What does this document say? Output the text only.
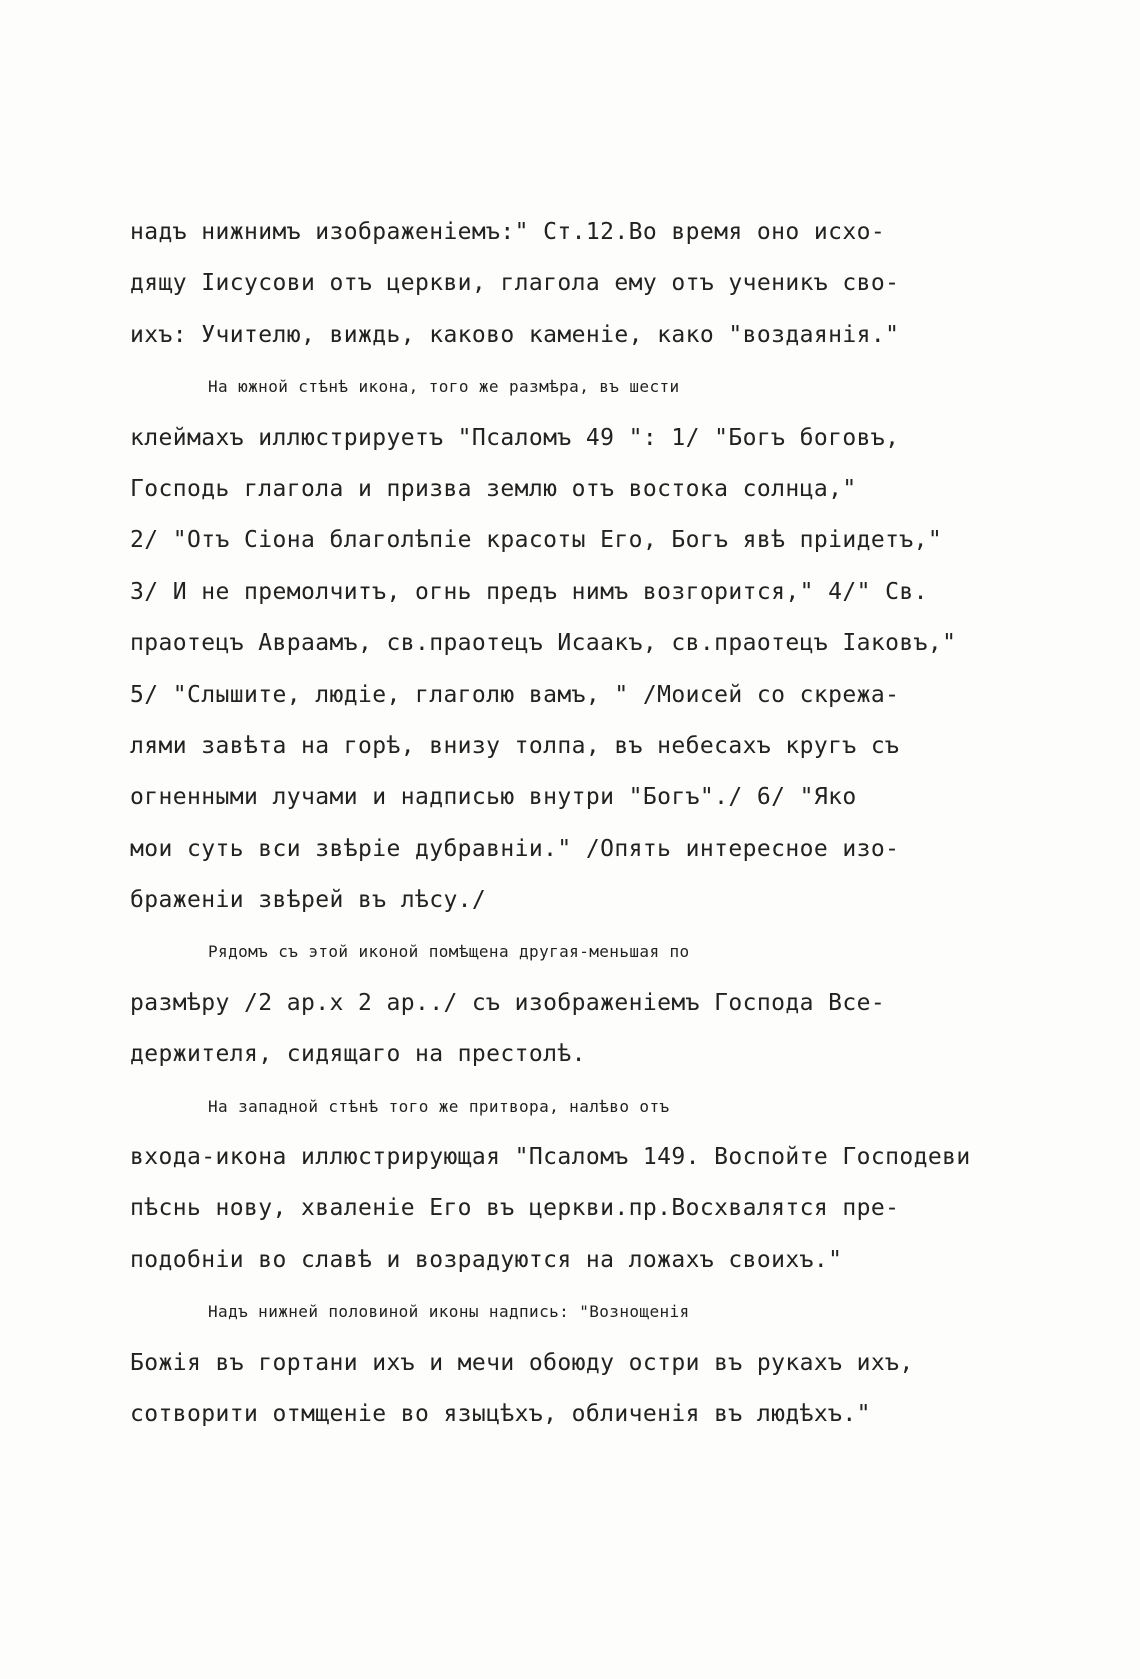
надъ нижнимъ изображеніемъ:" Ст.12.Во время оно исхо-
дящу Іисусови отъ церкви, глагола ему отъ ученикъ сво-
ихъ: Учителю, виждь, каково каменіе, како "воздаянія."
На южной стѣнѣ икона, того же размѣра, въ шести
клеймахъ иллюстрируетъ "Псаломъ 49 ": 1/ "Богъ боговъ,
Господь глагола и призва землю отъ востока солнца,"
2/ "Отъ Сіона благолѣпіе красоты Его, Богъ явѣ пріидетъ,"
3/ И не премолчитъ, огнь предъ нимъ возгорится," 4/" Св.
праотецъ Авраамъ, св.праотецъ Исаакъ, св.праотецъ Іаковъ,"
5/ "Слышите, людіе, глаголю вамъ, " /Моисей со скрежа-
лями завѣта на горѣ, внизу толпа, въ небесахъ кругъ съ
огненными лучами и надписью внутри "Богъ"./ 6/ "Яко
мои суть вси звѣріе дубравніи." /Опять интересное изо-
браженіи звѣрей въ лѣсу./
Рядомъ съ этой иконой помѣщена другая-меньшая по
размѣру /2 ар.х 2 ар../ съ изображеніемъ Господа Все-
держителя, сидящаго на престолѣ.
На западной стѣнѣ того же притвора, налѣво отъ
входа-икона иллюстрирующая "Псаломъ 149. Воспойте Господеви
пѣснь нову, хваленіе Его въ церкви.пр.Восхвалятся пре-
подобніи во славѣ и возрадуются на ложахъ своихъ."
Надъ нижней половиной иконы надпись: "Вознощенія
Божія въ гортани ихъ и мечи обоюду остри въ рукахъ ихъ,
сотворити отмщеніе во языцѣхъ, обличенія въ людѣхъ."
